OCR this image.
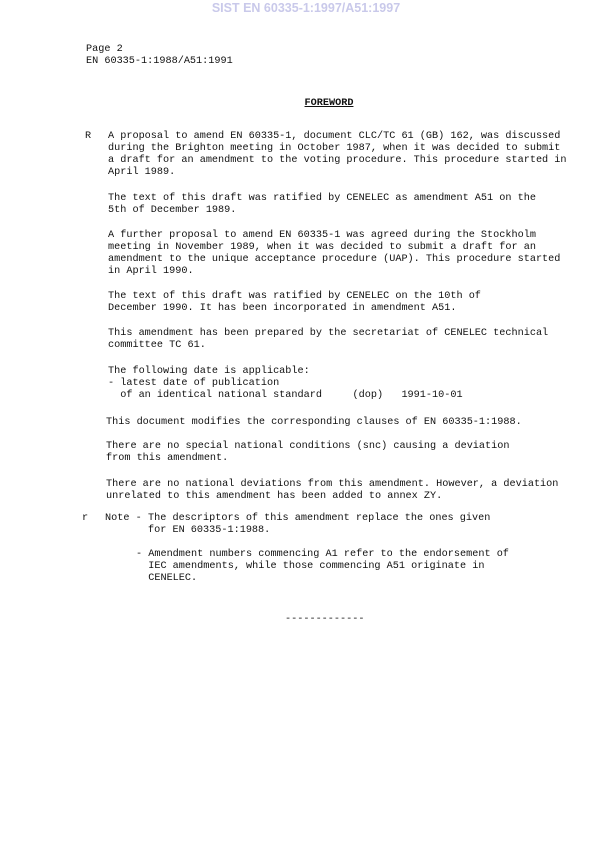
SIST EN 60335-1:1997/A51:1997
Page 2
EN 60335-1:1988/A51:1991
FOREWORD
R
r
A proposal to amend EN 60335-1, document CLC/TC 61 (GB) 162, was discussed
during the Brighton meeting in October 1987, when it was decided to submit
a draft for an amendment to the voting procedure. This procedure started in
April 1989.
The text of this draft was ratified by CENELEC as amendment A51 on the
5th of December 1989.
A further proposal to amend EN 60335-1 was agreed during the Stockholm
meeting in November 1989, when it was decided to submit a draft for an
amendment to the unique acceptance procedure (UAP). This procedure started
in April 1990.
The text of this draft was ratified by CENELEC on the 10th of
December 1990. It has been incorporated in amendment A51.
This amendment has been prepared by the secretariat of CENELEC technical
committee TC 61.
The following date is applicable:
- latest date of publication
of an identical national standard     (dop)   1991-10-01
This document modifies the corresponding clauses of EN 60335-1:1988.
There are no special national conditions (snc) causing a deviation
from this amendment.
There are no national deviations from this amendment. However, a deviation
unrelated to this amendment has been added to annex ZY.
Note - The descriptors of this amendment replace the ones given
for EN 60335-1:1988.
- Amendment numbers commencing A1 refer to the endorsement of
IEC amendments, while those commencing A51 originate in
CENELEC.
-------------
